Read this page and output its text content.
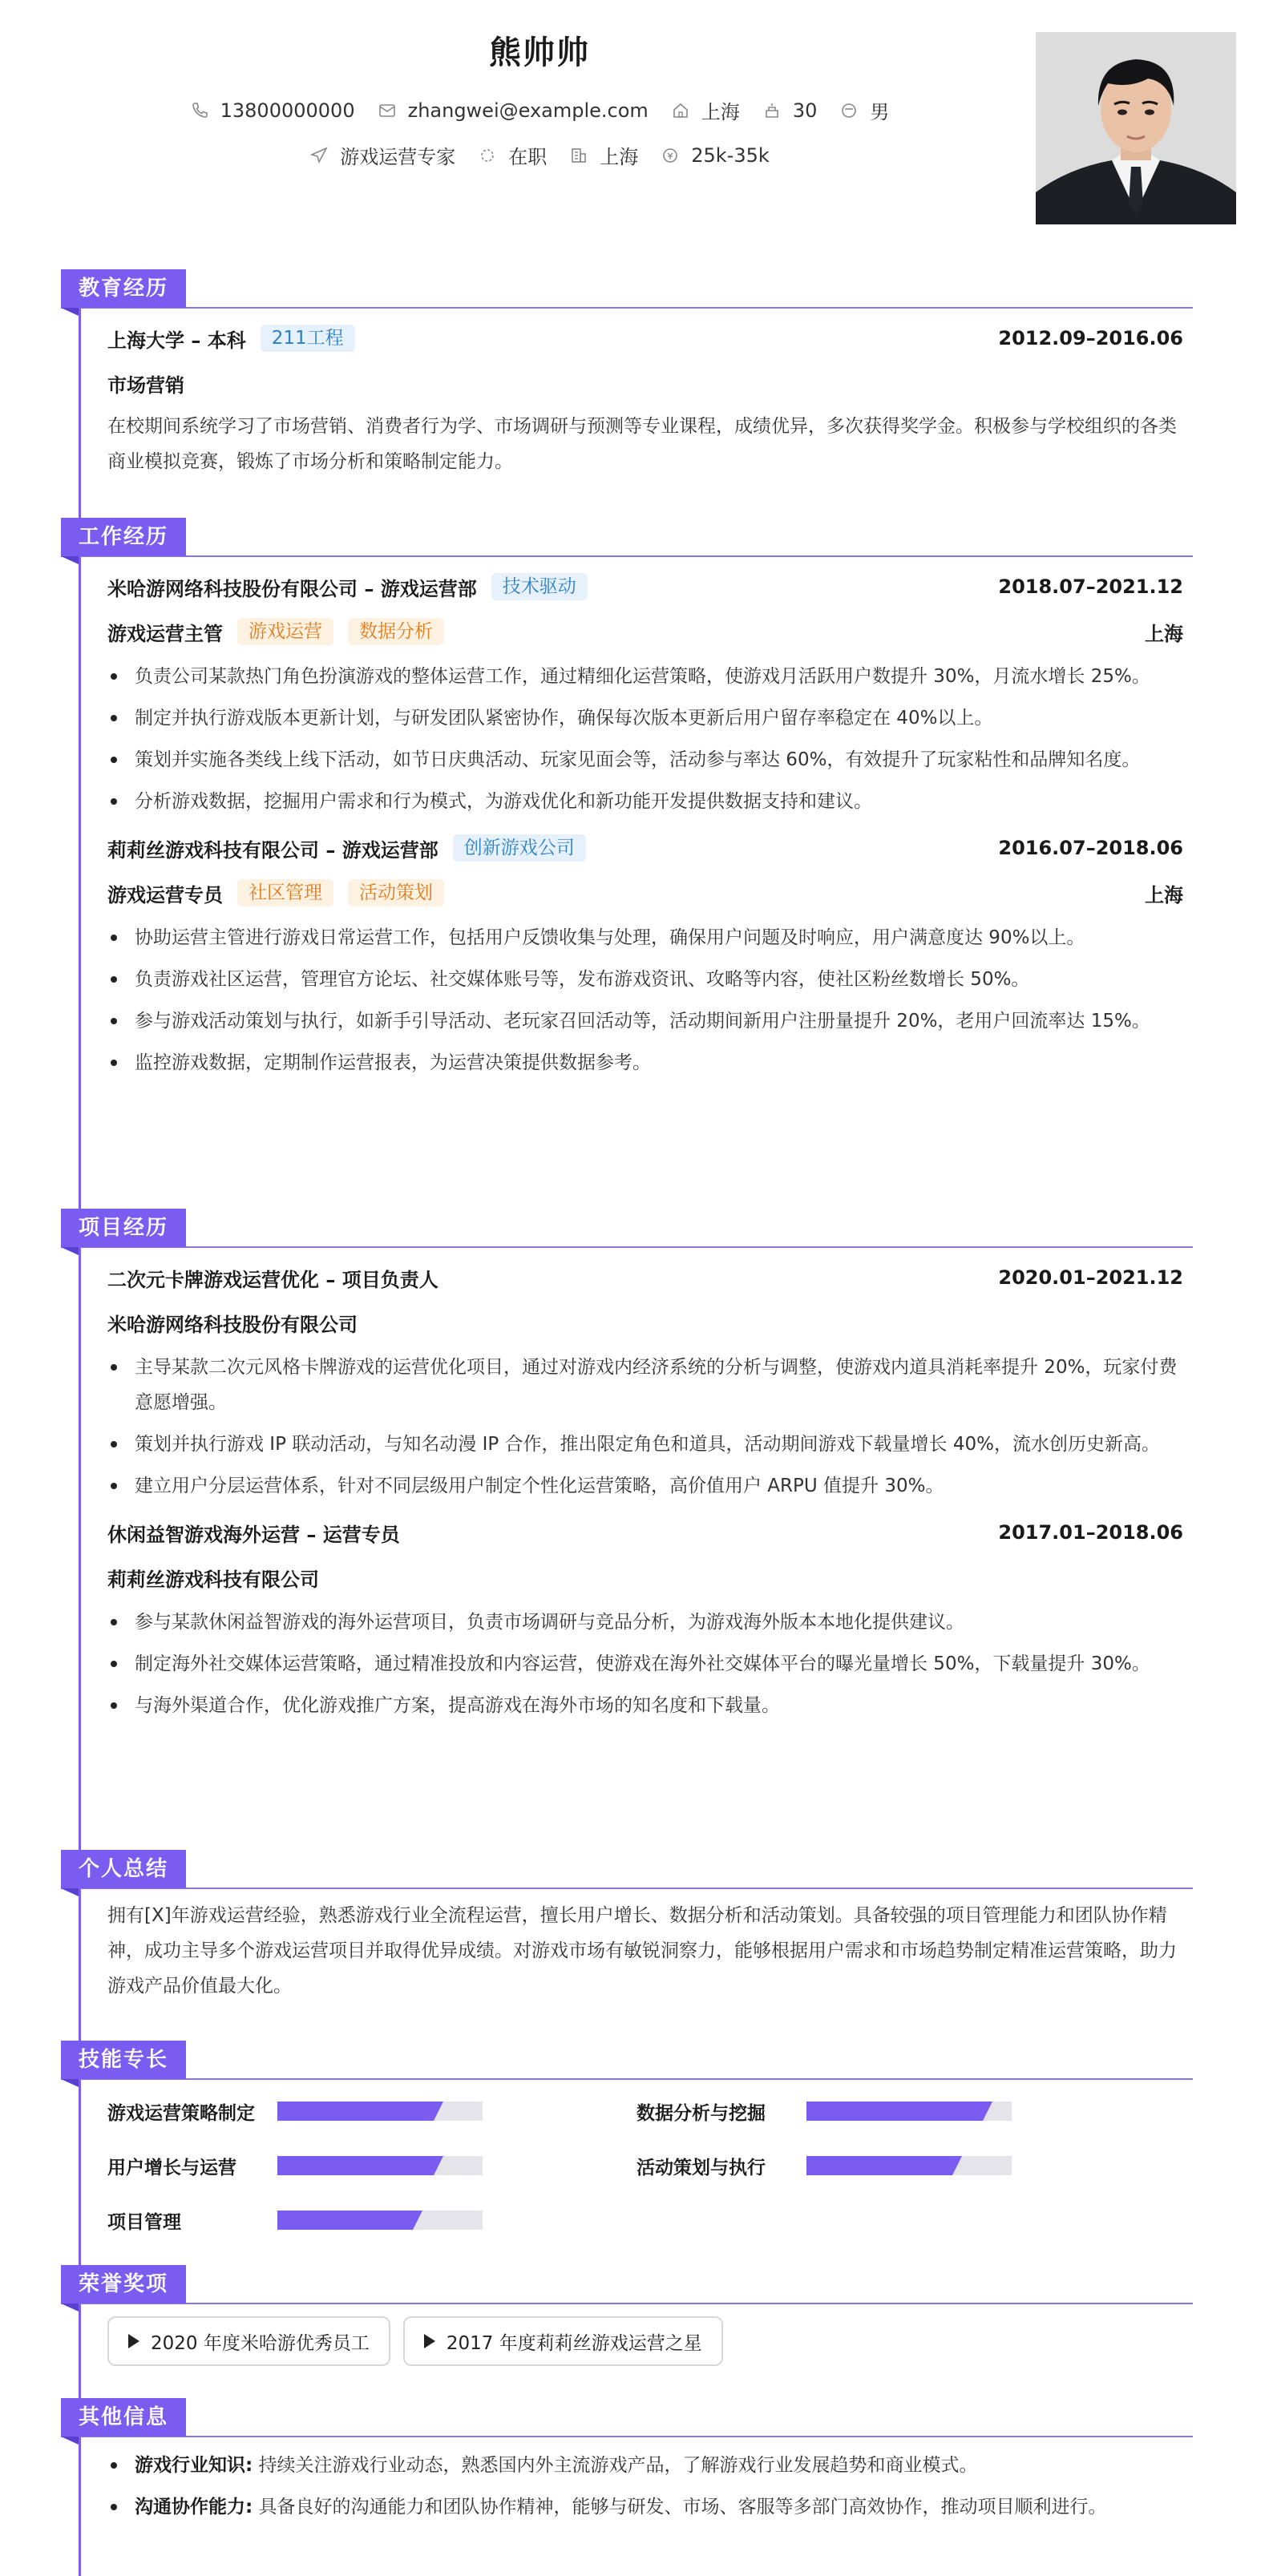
熊帅帅
13800000000	zhangwei@example.com	上海	30	男
游戏运营专家	在职	上海	25k-35k
教育经历
上海大学 – 本科	211工程	2012.09–2016.06
市场营销
在校期间系统学习了市场营销、消费者行为学、市场调研与预测等专业课程，成绩优异，多次获得奖学金。积极参与学校组织的各类商业模拟竞赛，锻炼了市场分析和策略制定能力。
工作经历
米哈游网络科技股份有限公司 – 游戏运营部	技术驱动	2018.07–2021.12
游戏运营主管	游戏运营	数据分析	上海
负责公司某款热门角色扮演游戏的整体运营工作，通过精细化运营策略，使游戏月活跃用户数提升 30%，月流水增长 25%。
制定并执行游戏版本更新计划，与研发团队紧密协作，确保每次版本更新后用户留存率稳定在 40%以上。
策划并实施各类线上线下活动，如节日庆典活动、玩家见面会等，活动参与率达 60%，有效提升了玩家粘性和品牌知名度。
分析游戏数据，挖掘用户需求和行为模式，为游戏优化和新功能开发提供数据支持和建议。
莉莉丝游戏科技有限公司 – 游戏运营部	创新游戏公司	2016.07–2018.06
游戏运营专员	社区管理	活动策划	上海
协助运营主管进行游戏日常运营工作，包括用户反馈收集与处理，确保用户问题及时响应，用户满意度达 90%以上。
负责游戏社区运营，管理官方论坛、社交媒体账号等，发布游戏资讯、攻略等内容，使社区粉丝数增长 50%。
参与游戏活动策划与执行，如新手引导活动、老玩家召回活动等，活动期间新用户注册量提升 20%，老用户回流率达 15%。
监控游戏数据，定期制作运营报表，为运营决策提供数据参考。
项目经历
二次元卡牌游戏运营优化 – 项目负责人	2020.01–2021.12
米哈游网络科技股份有限公司
主导某款二次元风格卡牌游戏的运营优化项目，通过对游戏内经济系统的分析与调整，使游戏内道具消耗率提升 20%，玩家付费意愿增强。
策划并执行游戏 IP 联动活动，与知名动漫 IP 合作，推出限定角色和道具，活动期间游戏下载量增长 40%，流水创历史新高。
建立用户分层运营体系，针对不同层级用户制定个性化运营策略，高价值用户 ARPU 值提升 30%。
休闲益智游戏海外运营 – 运营专员	2017.01–2018.06
莉莉丝游戏科技有限公司
参与某款休闲益智游戏的海外运营项目，负责市场调研与竞品分析，为游戏海外版本本地化提供建议。
制定海外社交媒体运营策略，通过精准投放和内容运营，使游戏在海外社交媒体平台的曝光量增长 50%，下载量提升 30%。
与海外渠道合作，优化游戏推广方案，提高游戏在海外市场的知名度和下载量。
个人总结
拥有[X]年游戏运营经验，熟悉游戏行业全流程运营，擅长用户增长、数据分析和活动策划。具备较强的项目管理能力和团队协作精神，成功主导多个游戏运营项目并取得优异成绩。对游戏市场有敏锐洞察力，能够根据用户需求和市场趋势制定精准运营策略，助力游戏产品价值最大化。
技能专长
游戏运营策略制定	数据分析与挖掘
用户增长与运营	活动策划与执行
项目管理
荣誉奖项
2020 年度米哈游优秀员工	2017 年度莉莉丝游戏运营之星
其他信息
游戏行业知识: 持续关注游戏行业动态，熟悉国内外主流游戏产品，了解游戏行业发展趋势和商业模式。
沟通协作能力: 具备良好的沟通能力和团队协作精神，能够与研发、市场、客服等多部门高效协作，推动项目顺利进行。
